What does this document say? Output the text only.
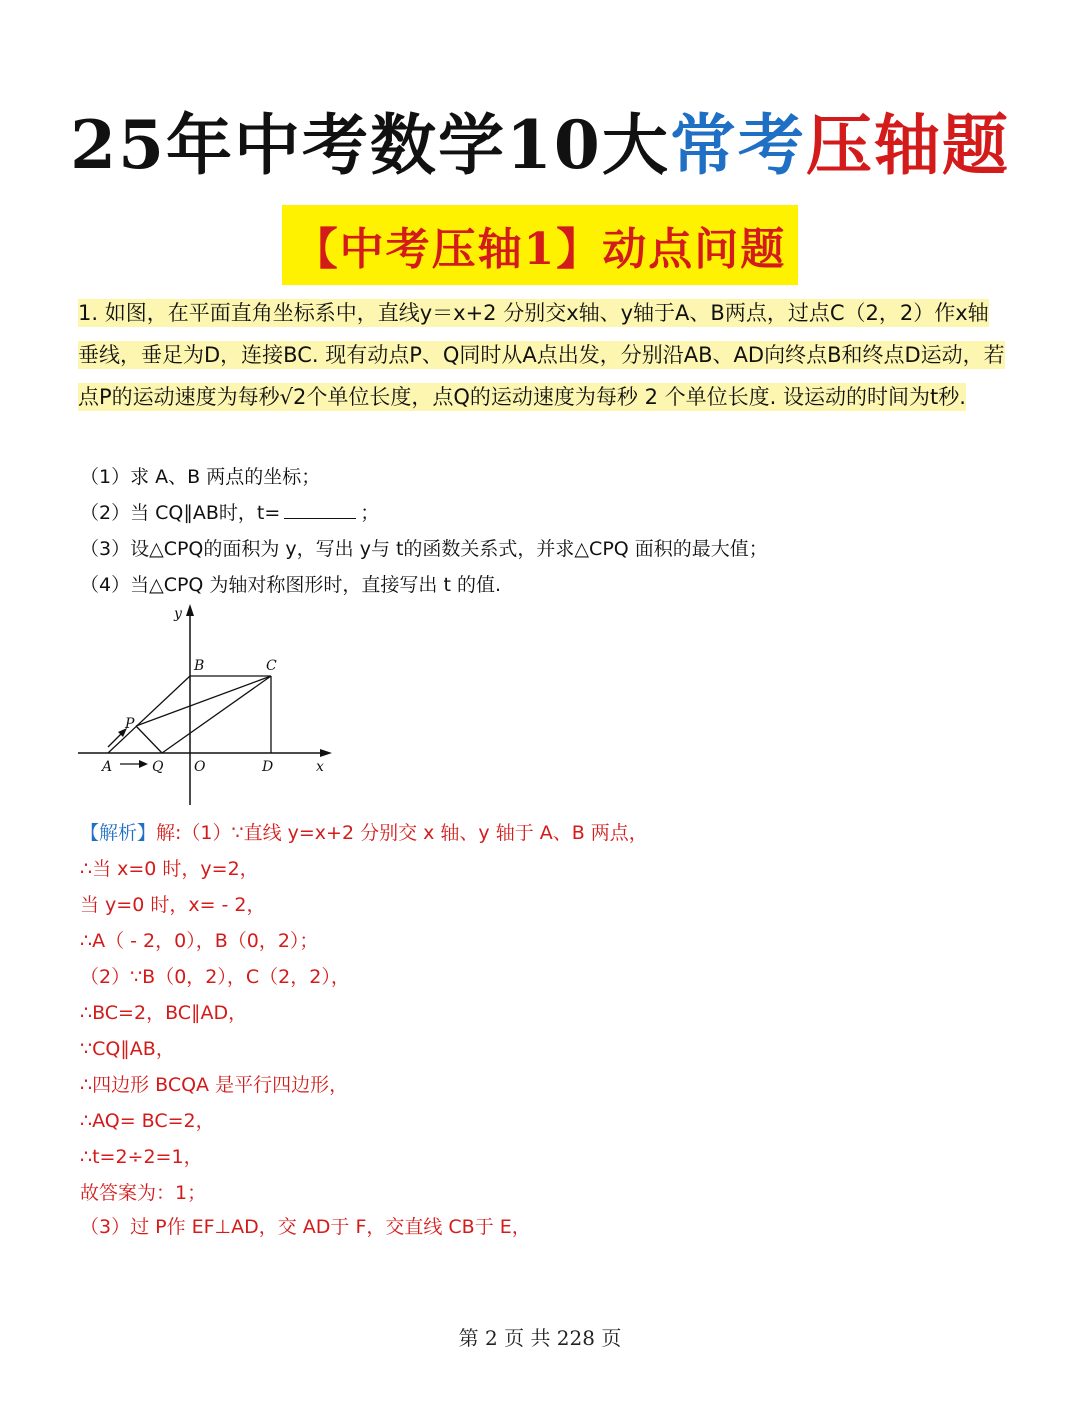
25年中考数学10大常考压轴题
【中考压轴1】动点问题
1. 如图，在平面直角坐标系中，直线y＝x+2 分别交x轴、y轴于A、B两点，过点C（2，2）作x轴垂线，垂足为D，连接BC. 现有动点P、Q同时从A点出发，分别沿AB、AD向终点B和终点D运动，若点P的运动速度为每秒√2个单位长度，点Q的运动速度为每秒 2 个单位长度. 设运动的时间为t秒.
（1）求 A、B 两点的坐标；
（2）当 CQ∥AB时，t=	；
（3）设△CPQ的面积为 y，写出 y与 t的函数关系式，并求△CPQ 面积的最大值；
（4）当△CPQ 为轴对称图形时，直接写出 t 的值.
y
x
B	C
P
A	Q O	D
【解析】解:（1）∵直线 y=x+2 分别交 x 轴、y 轴于 A、B 两点，
∴当 x=0 时，y=2，
当 y=0 时，x= - 2，
∴A（ - 2，0），B（0，2）；
（2）∵B（0，2），C（2，2），
∴BC=2，BC∥AD，
∵CQ∥AB，
∴四边形 BCQA 是平行四边形，
∴AQ= BC=2，
∴t=2÷2=1，
故答案为：1；
（3）过 P作 EF⊥AD，交 AD于 F，交直线 CB于 E，
第 2 页 共 228 页
